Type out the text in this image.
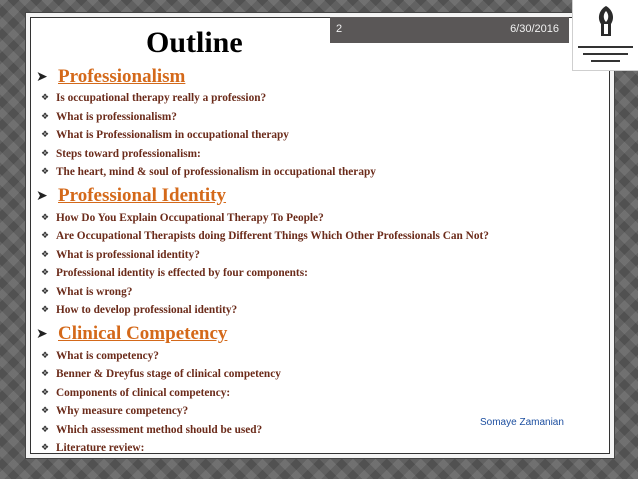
2	6/30/2016
Outline
➤ Professionalism
❖ Is occupational therapy really a profession?
❖ What is professionalism?
❖ What is Professionalism in occupational therapy
❖ Steps toward professionalism:
❖ The heart, mind & soul of professionalism in occupational therapy
➤ Professional Identity
❖ How Do You Explain Occupational Therapy To People?
❖ Are Occupational Therapists doing Different Things Which Other Professionals Can Not?
❖ What is professional identity?
❖ Professional identity is effected by four components:
❖ What is wrong?
❖ How to develop professional identity?
➤ Clinical Competency
❖ What is competency?
❖ Benner & Dreyfus stage of clinical competency
❖ Components of clinical competency:
❖ Why measure competency?
❖ Which assessment method should be used?
❖ Literature review:
Somaye Zamanian
